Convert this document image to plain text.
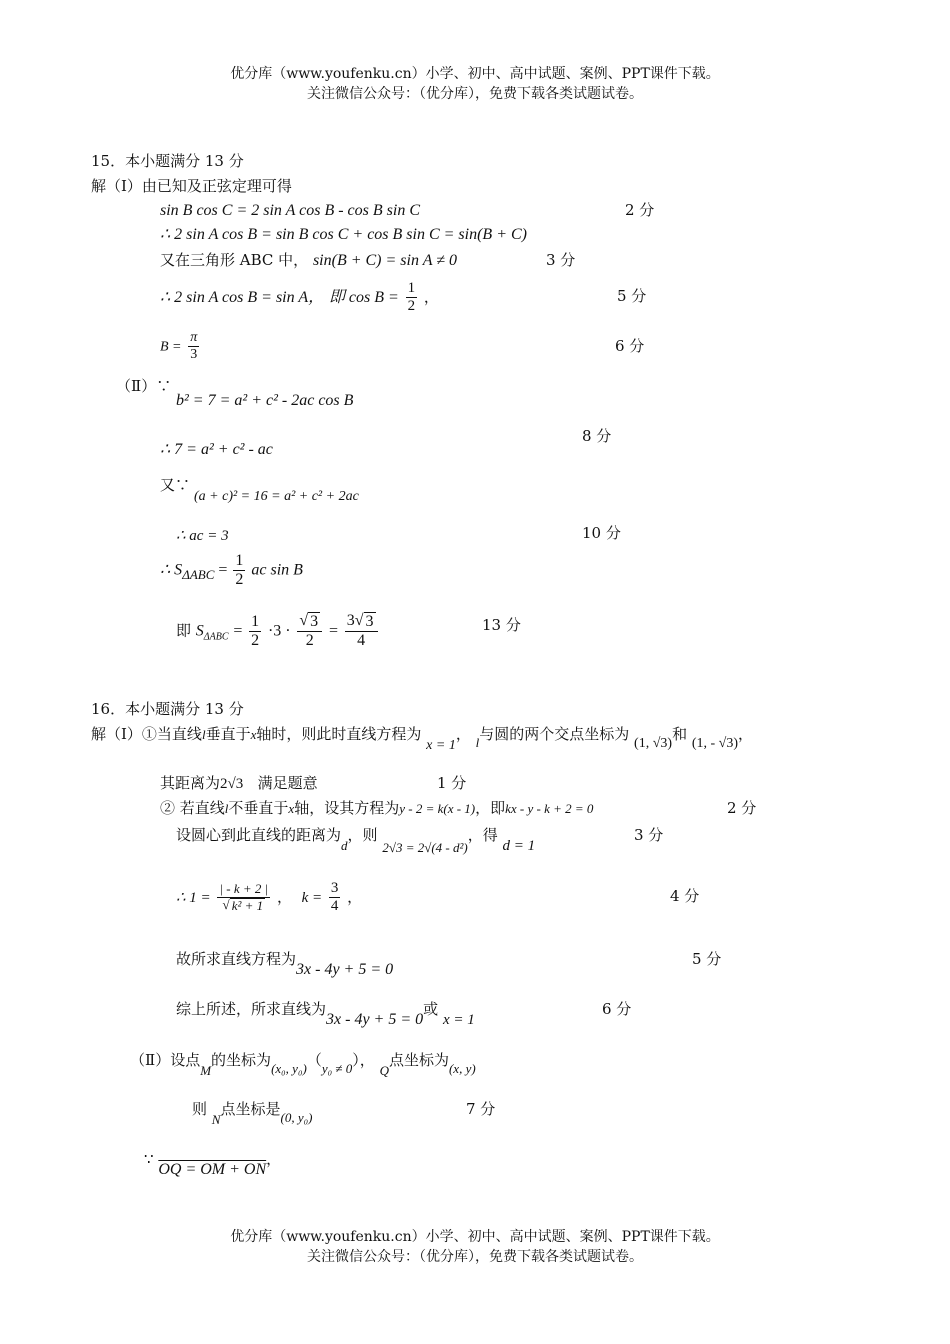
优分库（www.youfenku.cn）小学、初中、高中试题、案例、PPT课件下载。
关注微信公众号：（优分库），免费下载各类试题试卷。
15．本小题满分 13 分
解（Ⅰ）由已知及正弦定理可得
sin B cos C = 2 sin A cos B - cos B sin C	2 分
∴ 2 sin A cos B = sin B cos C + cos B sin C = sin(B + C)
又在三角形 ABC 中， sin(B + C) = sin A ≠ 0	3 分
∴ 2 sin A cos B = sin A， 即 $\cos B = \frac{1}{2}$ ，	5 分
$B = \frac{\pi}{3}$	6 分
（Ⅱ）∵
b² = 7 = a² + c² - 2ac cos B
∴ 7 = a² + c² - ac
8 分
又∵
(a + c)² = 16 = a² + c² + 2ac
∴ ac = 3	10 分
∴ $S_{\Delta ABC} = \frac{1}{2}$ ac sin B
即 $S_{\Delta ABC} = \frac{1}{2} \cdot 3 \cdot \frac{√ 3}{2} = \frac{3 √ 3}{4}$	13 分
16．本小题满分 13 分
解（Ⅰ）①当直线l垂直于x轴时，则此时直线方程为 x = 1， l与圆的两个交点坐标为 (1, √3)和 (1, - √3)，
其距离为2√3 满足题意	1 分
② 若直线l不垂直于x轴，设其方程为y - 2 = k(x - 1)，即kx - y - k + 2 = 0	2 分
设圆心到此直线的距离为d，则 2√3 = 2√(4 - d²)，得 d = 1
3 分
∴ $1 = \frac{| - k + 2 |}{\text{√ k² + 1}}$ ， $k = \frac{3}{4}$ ，	4 分
故所求直线方程为3x - 4y + 5 = 0
5 分
综上所述，所求直线为3x - 4y + 5 = 0或 x = 1
6 分
（Ⅱ）设点M的坐标为(x₀, y₀)（y₀ ≠ 0）， Q点坐标为(x, y)
则 N点坐标是(0, y₀)	7 分
∵ OQ = OM + ON，
优分库（www.youfenku.cn）小学、初中、高中试题、案例、PPT课件下载。
关注微信公众号：（优分库），免费下载各类试题试卷。
